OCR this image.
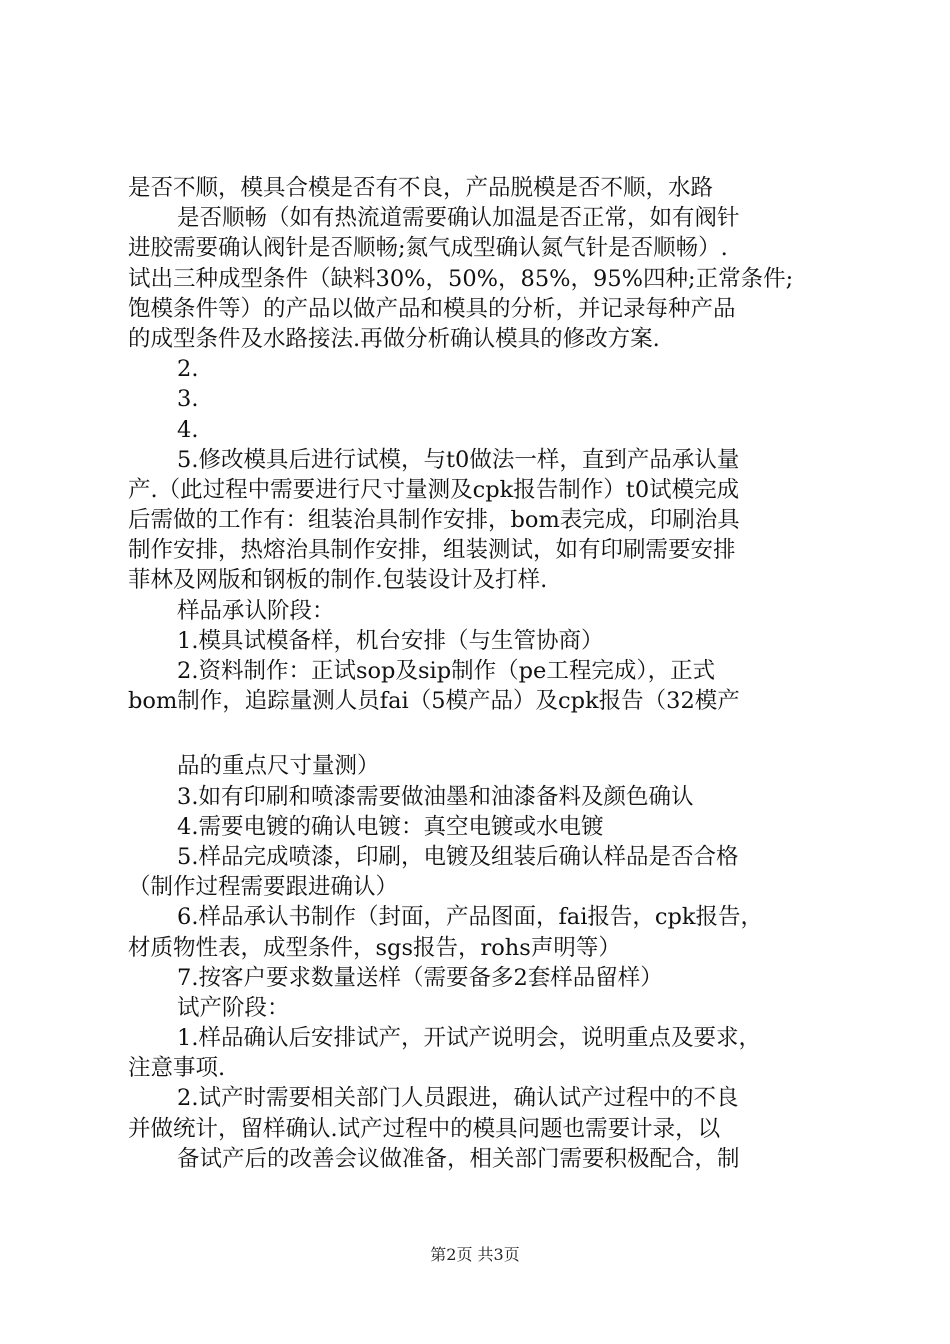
是否不顺，模具合模是否有不良，产品脱模是否不顺，水路
是否顺畅（如有热流道需要确认加温是否正常，如有阀针
进胶需要确认阀针是否顺畅;氮气成型确认氮气针是否顺畅）.
试出三种成型条件（缺料30%，50%，85%，95%四种;正常条件;
饱模条件等）的产品以做产品和模具的分析，并记录每种产品
的成型条件及水路接法.再做分析确认模具的修改方案.
2.
3.
4.
5.修改模具后进行试模，与t0做法一样，直到产品承认量
产.（此过程中需要进行尺寸量测及cpk报告制作）t0试模完成
后需做的工作有：组装治具制作安排，bom表完成，印刷治具
制作安排，热熔治具制作安排，组装测试，如有印刷需要安排
菲林及网版和钢板的制作.包装设计及打样.
样品承认阶段：
1.模具试模备样，机台安排（与生管协商）
2.资料制作：正试sop及sip制作（pe工程完成），正式
bom制作，追踪量测人员fai（5模产品）及cpk报告（32模产
品的重点尺寸量测）
3.如有印刷和喷漆需要做油墨和油漆备料及颜色确认
4.需要电镀的确认电镀：真空电镀或水电镀
5.样品完成喷漆，印刷，电镀及组装后确认样品是否合格
（制作过程需要跟进确认）
6.样品承认书制作（封面，产品图面，fai报告，cpk报告，
材质物性表，成型条件，sgs报告，rohs声明等）
7.按客户要求数量送样（需要备多2套样品留样）
试产阶段：
1.样品确认后安排试产，开试产说明会，说明重点及要求，
注意事项.
2.试产时需要相关部门人员跟进，确认试产过程中的不良
并做统计，留样确认.试产过程中的模具问题也需要计录，以
备试产后的改善会议做准备，相关部门需要积极配合，制
第2页 共3页
